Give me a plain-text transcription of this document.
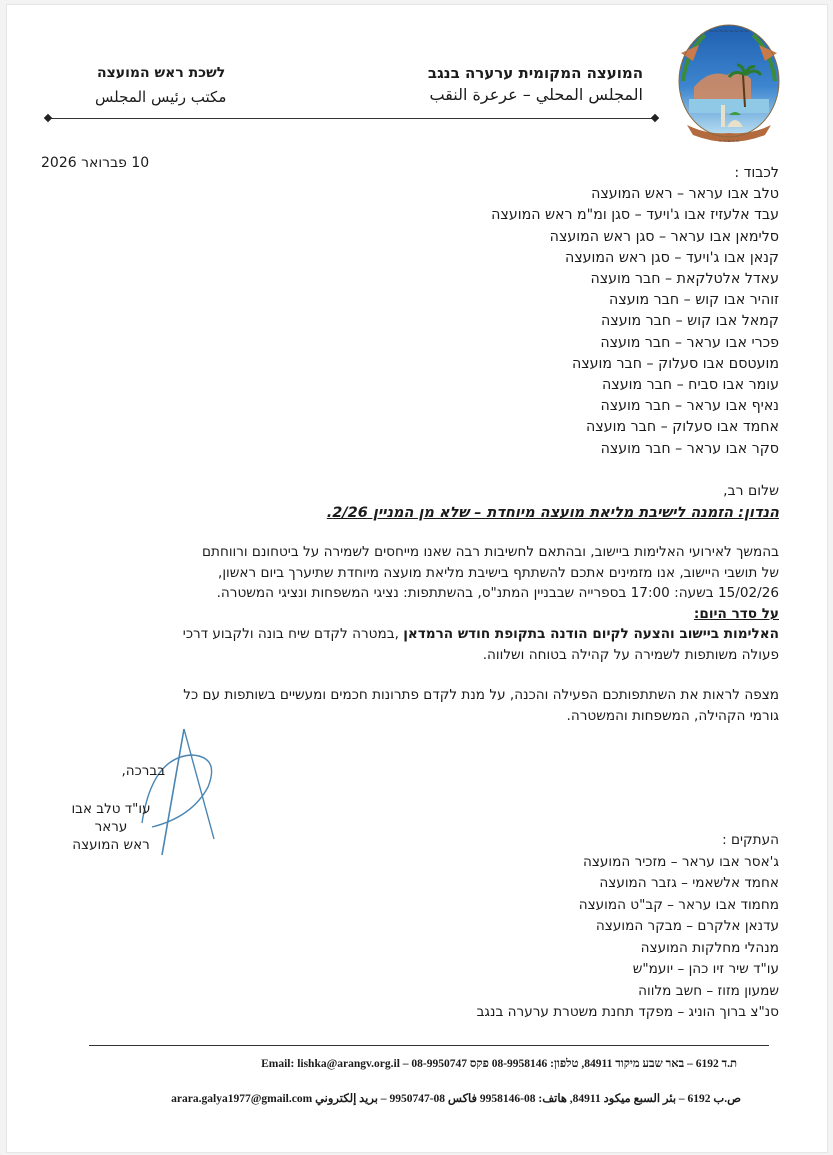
~~~~~~~~
~~~~~
המועצה המקומית ערערה בנגב
المجلس المحلي – عرعرة النقب
לשכת ראש המועצה
مكتب رئيس المجلس
10 פברואר 2026
לכבוד :
טלב אבו עראר – ראש המועצה
עבד אלעזיז אבו ג'ויעד – סגן ומ"מ ראש המועצה
סלימאן אבו עראר – סגן ראש המועצה
קנאן אבו ג'ויעד – סגן ראש המועצה
עאדל אלטלקאת – חבר מועצה
זוהיר אבו קוש – חבר מועצה
קמאל אבו קוש – חבר מועצה
פכרי אבו עראר – חבר מועצה
מועטסם אבו סעלוק – חבר מועצה
עומר אבו סביח – חבר מועצה
נאיף אבו עראר – חבר מועצה
אחמד אבו סעלוק – חבר מועצה
סקר אבו עראר – חבר מועצה
שלום רב,
הנדון: הזמנה לישיבת מליאת מועצה מיוחדת – שלא מן המניין 2/26.
בהמשך לאירועי האלימות ביישוב, ובהתאם לחשיבות רבה שאנו מייחסים לשמירה על ביטחונם ורווחתם
של תושבי היישוב, אנו מזמינים אתכם להשתתף בישיבת מליאת מועצה מיוחדת שתיערך ביום ראשון,
15/02/26 בשעה: 17:00 בספרייה שבבניין המתנ"ס, בהשתתפות: נציגי המשפחות ונציגי המשטרה.
על סדר היום:
האלימות ביישוב והצעה לקיום הודנה בתקופת חודש הרמדאן ,במטרה לקדם שיח בונה ולקבוע דרכי
פעולה משותפות לשמירה על קהילה בטוחה ושלווה.
מצפה לראות את השתתפותכם הפעילה והכנה, על מנת לקדם פתרונות חכמים ומעשיים בשותפות עם כל
גורמי הקהילה, המשפחות והמשטרה.
בברכה,
עו"ד טלב אבו עראר
ראש המועצה	העתקים :
ג'אסר אבו עראר – מזכיר המועצה
אחמד אלשאמי – גזבר המועצה
מחמוד אבו עראר – קב"ט המועצה
עדנאן אלקרם – מבקר המועצה
מנהלי מחלקות המועצה
עו"ד שיר זיו כהן – יועמ"ש
שמעון מזוז – חשב מלווה
סנ"צ ברוך הוניג – מפקד תחנת משטרת ערערה בנגב
ת.ד 6192 – באר שבע מיקוד 84911, טלפון: 08-9958146 פקס 08-9950747 – Email: lishka@arangv.org.il
ص.ب 6192 – بئر السبع ميكود 84911, هاتف: 08-9958146 فاكس 08-9950747 – بريد إلكتروني arara.galya1977@gmail.com
